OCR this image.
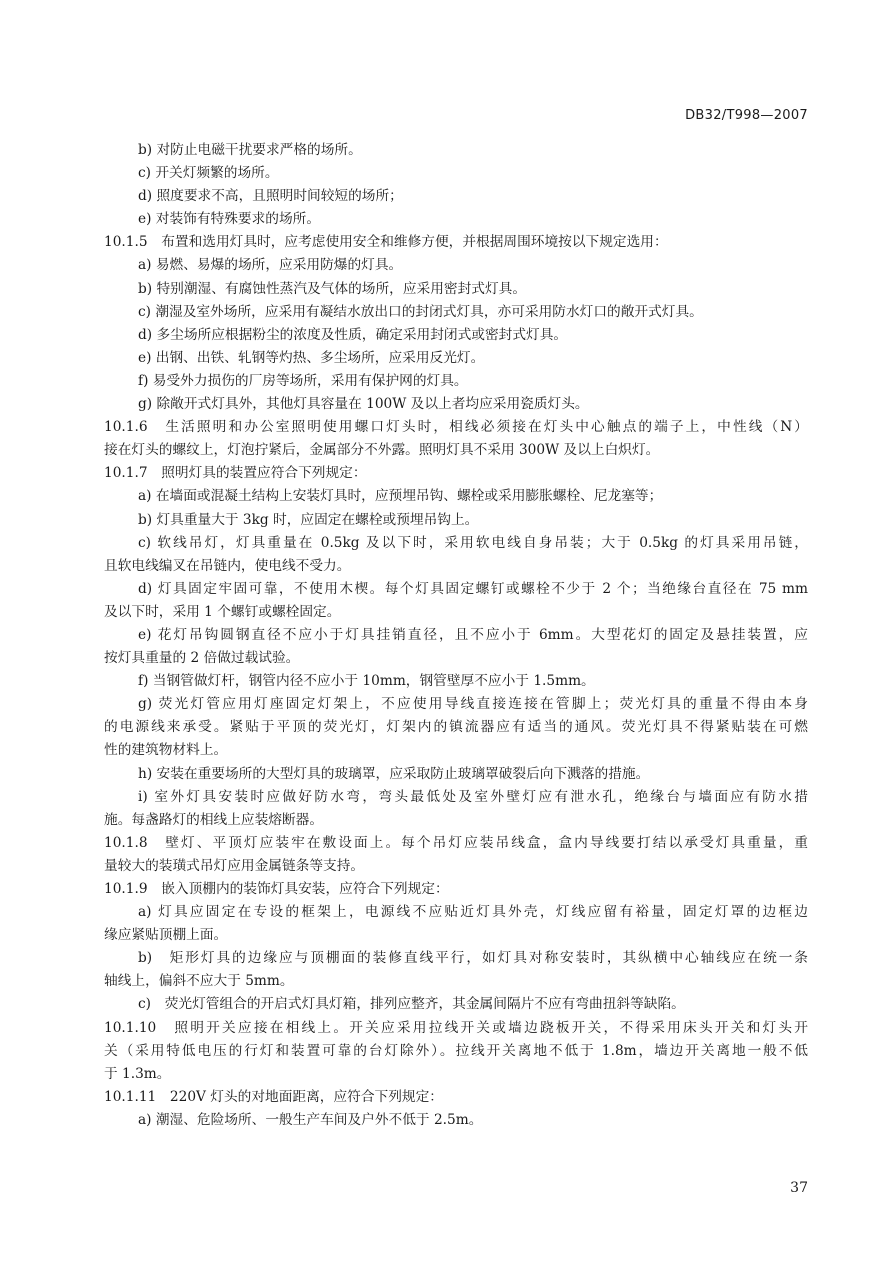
DB32/T998—2007
b) 对防止电磁干扰要求严格的场所。
c) 开关灯频繁的场所。
d) 照度要求不高，且照明时间较短的场所；
e) 对装饰有特殊要求的场所。
10.1.5　布置和选用灯具时，应考虑使用安全和维修方便，并根据周围环境按以下规定选用：
a) 易燃、易爆的场所，应采用防爆的灯具。
b) 特别潮湿、有腐蚀性蒸汽及气体的场所，应采用密封式灯具。
c) 潮湿及室外场所，应采用有凝结水放出口的封闭式灯具，亦可采用防水灯口的敞开式灯具。
d) 多尘场所应根据粉尘的浓度及性质，确定采用封闭式或密封式灯具。
e) 出钢、出铁、轧钢等灼热、多尘场所，应采用反光灯。
f) 易受外力损伤的厂房等场所，采用有保护网的灯具。
g) 除敞开式灯具外，其他灯具容量在 100W 及以上者均应采用瓷质灯头。
10.1.6　生活照明和办公室照明使用螺口灯头时，相线必须接在灯头中心触点的端子上，中性线（N）
接在灯头的螺纹上，灯泡拧紧后，金属部分不外露。照明灯具不采用 300W 及以上白炽灯。
10.1.7　照明灯具的装置应符合下列规定：
a) 在墙面或混凝土结构上安装灯具时，应预埋吊钩、螺栓或采用膨胀螺栓、尼龙塞等；
b) 灯具重量大于 3kg 时，应固定在螺栓或预埋吊钩上。
c) 软线吊灯，灯具重量在 0.5kg 及以下时，采用软电线自身吊装；大于 0.5kg 的灯具采用吊链，
且软电线编叉在吊链内，使电线不受力。
d) 灯具固定牢固可靠，不使用木楔。每个灯具固定螺钉或螺栓不少于 2 个；当绝缘台直径在 75 mm
及以下时，采用 1 个螺钉或螺栓固定。
e) 花灯吊钩圆钢直径不应小于灯具挂销直径，且不应小于 6mm。大型花灯的固定及悬挂装置，应
按灯具重量的 2 倍做过载试验。
f) 当钢管做灯杆，钢管内径不应小于 10mm，钢管壁厚不应小于 1.5mm。
g) 荧光灯管应用灯座固定灯架上，不应使用导线直接连接在管脚上；荧光灯具的重量不得由本身
的电源线来承受。紧贴于平顶的荧光灯，灯架内的镇流器应有适当的通风。荧光灯具不得紧贴装在可燃
性的建筑物材料上。
h) 安装在重要场所的大型灯具的玻璃罩，应采取防止玻璃罩破裂后向下溅落的措施。
i) 室外灯具安装时应做好防水弯，弯头最低处及室外壁灯应有泄水孔，绝缘台与墙面应有防水措
施。每盏路灯的相线上应装熔断器。
10.1.8　壁灯、平顶灯应装牢在敷设面上。每个吊灯应装吊线盒，盒内导线要打结以承受灯具重量，重
量较大的装璜式吊灯应用金属链条等支持。
10.1.9　嵌入顶棚内的装饰灯具安装，应符合下列规定：
a) 灯具应固定在专设的框架上，电源线不应贴近灯具外壳，灯线应留有裕量，固定灯罩的边框边
缘应紧贴顶棚上面。
b)　矩形灯具的边缘应与顶棚面的装修直线平行，如灯具对称安装时，其纵横中心轴线应在统一条
轴线上，偏斜不应大于 5mm。
c)　荧光灯管组合的开启式灯具灯箱，排列应整齐，其金属间隔片不应有弯曲扭斜等缺陷。
10.1.10　照明开关应接在相线上。开关应采用拉线开关或墙边跷板开关，不得采用床头开关和灯头开
关（采用特低电压的行灯和装置可靠的台灯除外）。拉线开关离地不低于 1.8m，墙边开关离地一般不低
于 1.3m。
10.1.11　220V 灯头的对地面距离，应符合下列规定：
a) 潮湿、危险场所、一般生产车间及户外不低于 2.5m。
37
